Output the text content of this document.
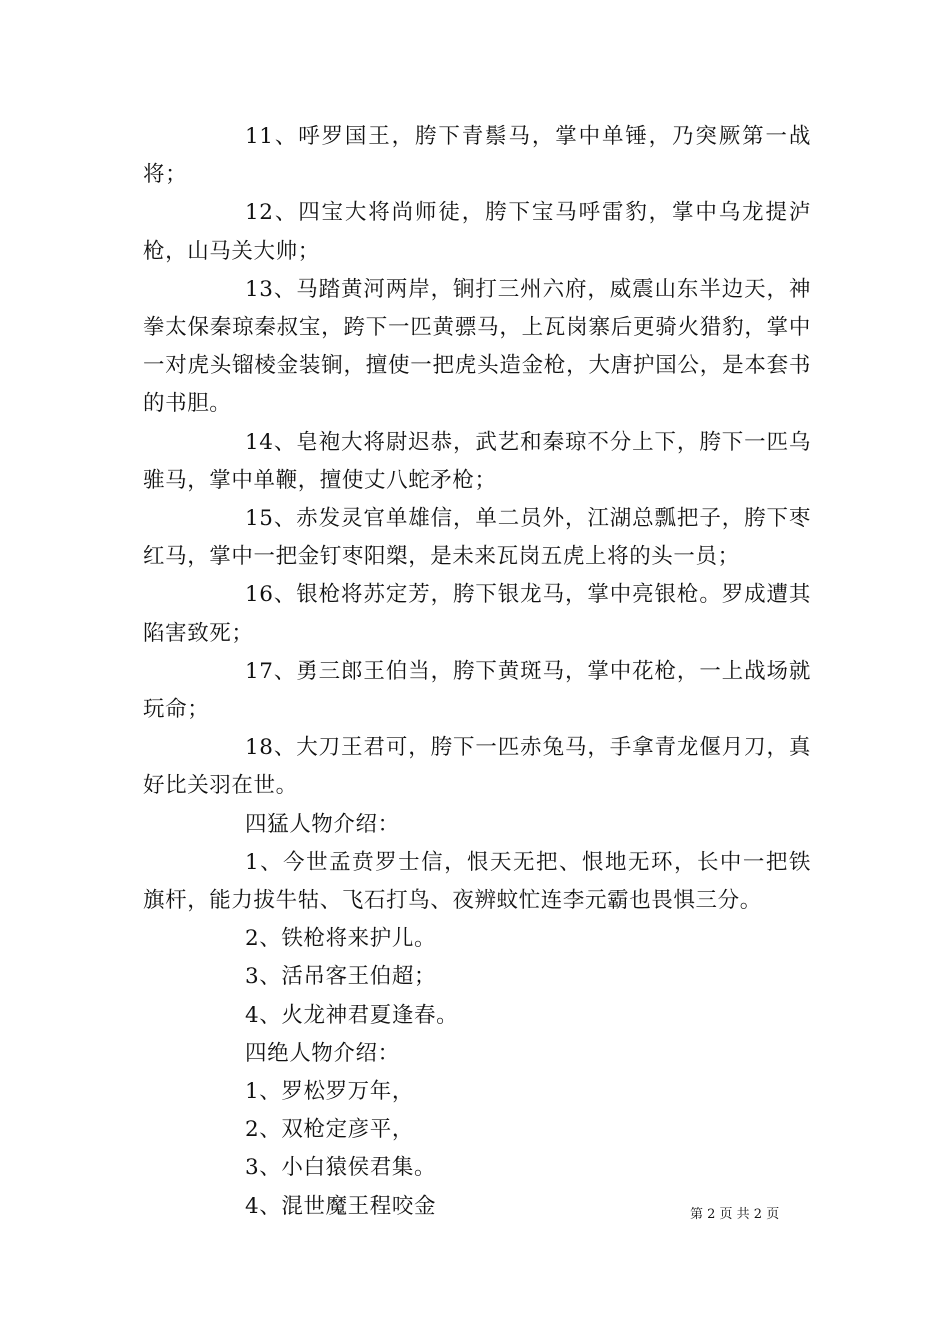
11、呼罗国王，胯下青鬃马，掌中单锤，乃突厥第一战将；

12、四宝大将尚师徒，胯下宝马呼雷豹，掌中乌龙提泸枪，山马关大帅；

13、马踏黄河两岸，锏打三州六府，威震山东半边天，神拳太保秦琼秦叔宝，跨下一匹黄骠马，上瓦岗寨后更骑火猎豹，掌中一对虎头镏棱金装锏，擅使一把虎头造金枪，大唐护国公，是本套书的书胆。

14、皂袍大将尉迟恭，武艺和秦琼不分上下，胯下一匹乌骓马，掌中单鞭，擅使丈八蛇矛枪；

15、赤发灵官单雄信，单二员外，江湖总瓢把子，胯下枣红马，掌中一把金钉枣阳槊，是未来瓦岗五虎上将的头一员；

16、银枪将苏定芳，胯下银龙马，掌中亮银枪。罗成遭其陷害致死；

17、勇三郎王伯当，胯下黄斑马，掌中花枪，一上战场就玩命；

18、大刀王君可，胯下一匹赤兔马，手拿青龙偃月刀，真好比关羽在世。

四猛人物介绍：

1、今世孟贲罗士信，恨天无把、恨地无环，长中一把铁旗杆，能力拔牛牯、飞石打鸟、夜辨蚊忙连李元霸也畏惧三分。

2、铁枪将来护儿。

3、活吊客王伯超；

4、火龙神君夏逢春。

四绝人物介绍：

1、罗松罗万年，

2、双枪定彦平，

3、小白猿侯君集。

4、混世魔王程咬金	第 2 页 共 2 页
